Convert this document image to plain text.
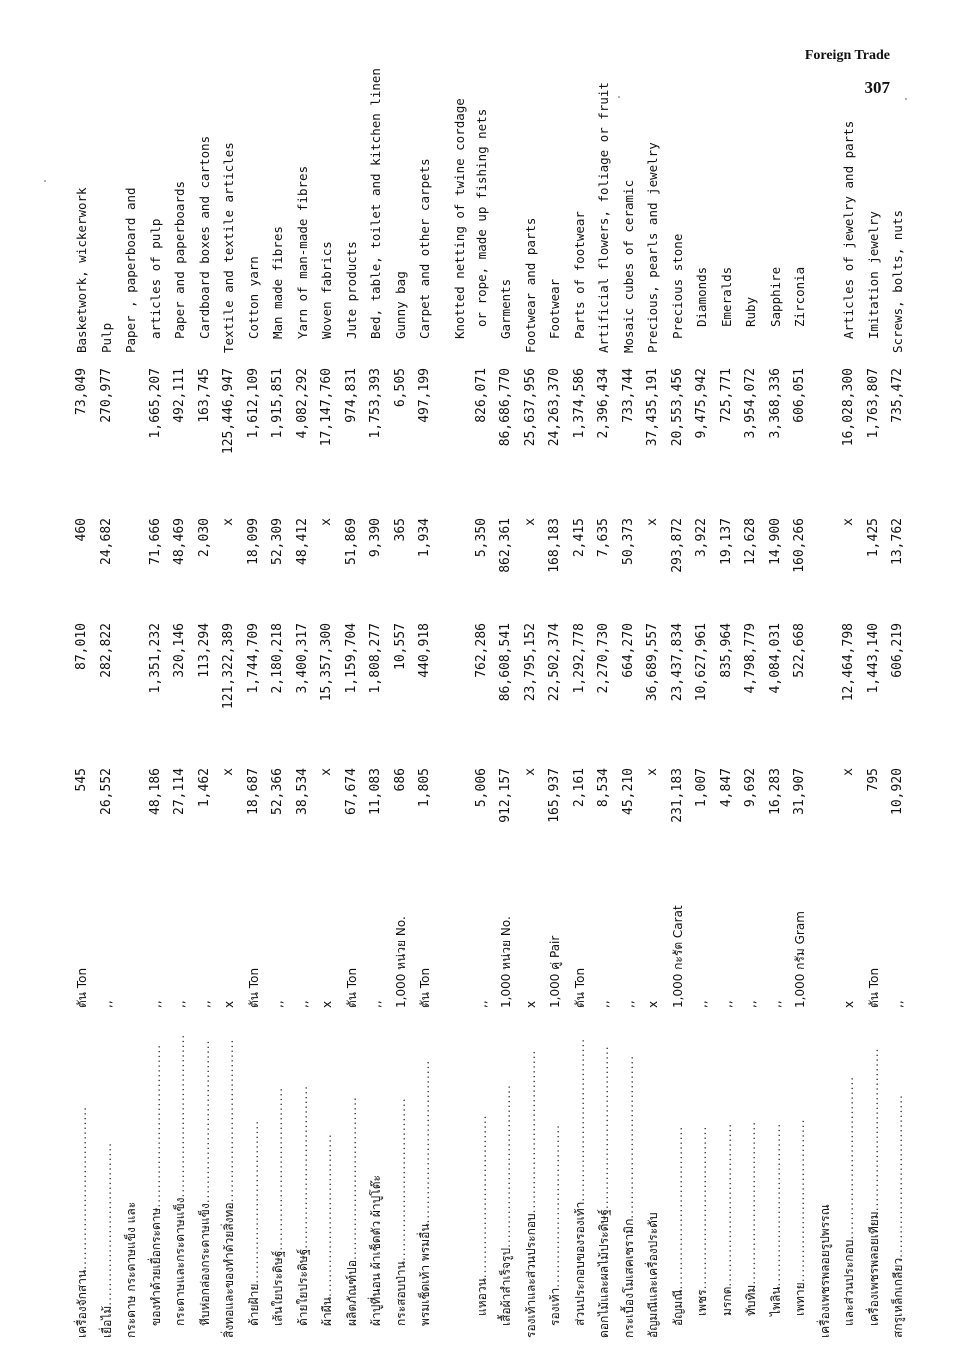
Foreign Trade
307
เครื่องจักสาน..................................
ตัน Ton
545
87,010
460
73,049
Basketwork, wickerwork
เยื่อไม้..................................
,,
26,552
282,822
24,682
270,977
Pulp
กระดาษ กระดาษแข็ง และ
Paper , paperboard and
ของทำด้วยเยื่อกระดาษ..................................
,,
48,186
1,351,232
71,666
1,665,207
articles of pulp
กระดาษและกระดาษแข็ง..................................
,,
27,114
320,146
48,469
492,111
Paper and paperboards
หีบห่อกล่องกระดาษแข็ง..................................
,,
1,462
113,294
2,030
163,745
Cardboard boxes and cartons
สิ่งทอและของทำด้วยสิ่งทอ..................................
x
x
121,322,389
x
125,446,947
Textile and textile articles
ด้ายฝ้าย..................................
ตัน Ton
18,687
1,744,709
18,099
1,612,109
Cotton yarn
เส้นใยประดิษฐ์..................................
,,
52,366
2,180,218
52,309
1,915,851
Man made fibres
ด้ายใยประดิษฐ์..................................
,,
38,534
3,400,317
48,412
4,082,292
Yarn of man-made fibres
ผ้าผืน..................................
x
x
15,357,300
x
17,147,760
Woven fabrics
ผลิตภัณฑ์ปอ..................................
ตัน Ton
67,674
1,159,704
51,869
974,831
Jute products
ผ้าปูที่นอน ผ้าเช็ดตัว ผ้าปูโต๊ะ
,,
11,083
1,808,277
9,390
1,753,393
Bed, table, toilet and kitchen linen
กระสอบป่าน..................................
1,000 หน่วย No.
686
10,557
365
6,505
Gunny bag
พรมเช็ดเท้า พรมอื่น..................................
ตัน Ton
1,805
440,918
1,934
497,199
Carpet and other carpets	Knotted netting of twine cordage
แหอวน..................................
,,
5,006
762,286
5,350
826,071
or rope, made up fishing nets
เสื้อผ้าสำเร็จรูป..................................
1,000 หน่วย No.
912,157
86,608,541
862,361
86,686,770
Garments
รองเท้าและส่วนประกอบ..................................
x
x
23,795,152
x
25,637,956
Footwear and parts
รองเท้า..................................
1,000 คู่ Pair
165,937
22,502,374
168,183
24,263,370
Footwear
ส่วนประกอบของรองเท้า..................................
ตัน Ton
2,161
1,292,778
2,415
1,374,586
Parts of footwear
ดอกไม้และผลไม้ประดิษฐ์..................................
,,
8,534
2,270,730
7,635
2,396,434
Artificial flowers, foliage or fruit
กระเบื้องโมเสคเซรามิก..................................
,,
45,210
664,270
50,373
733,744
Mosaic cubes of ceramic
อัญมณีและเครื่องประดับ
x
x
36,689,557
x
37,435,191
Precious, pearls and jewelry
อัญมณี..................................
1,000 กะรัต Carat
231,183
23,437,834
293,872
20,553,456
Precious stone
เพชร..................................
,,
1,007
10,627,961
3,922
9,475,942
Diamonds
มรกต..................................
,,
4,847
835,964
19,137
725,771
Emeralds
ทับทิม..................................
,,
9,692
4,798,779
12,628
3,954,072
Ruby
ไพลิน..................................
,,
16,283
4,084,031
14,900
3,368,336
Sapphire
เพทาย..................................
1,000 กรัม Gram
31,907
522,668
160,266
606,051
Zirconia
เครื่องเพชรพลอยรูปพรรณ และส่วนประกอบ..................................
x
x
12,464,798
x
16,028,300
Articles of jewelry and parts
เครื่องเพชรพลอยเทียม..................................
ตัน Ton
795
1,443,140
1,425
1,763,807
Imitation jewelry
สกรูเหล็กเกลียว..................................
,,
10,920
606,219
13,762
735,472
Screws, bolts, nuts
